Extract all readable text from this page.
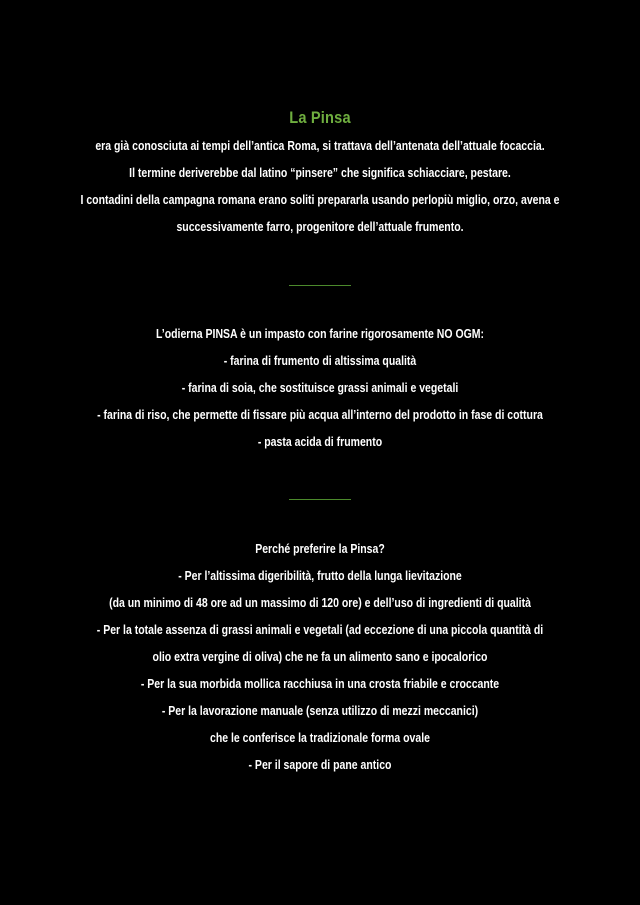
La Pinsa
era già conosciuta ai tempi dell’antica Roma, si trattava dell’antenata dell’attuale focaccia.
Il termine deriverebbe dal latino “pinsere” che significa schiacciare, pestare.
I contadini della campagna romana erano soliti prepararla usando perlopiù miglio, orzo, avena e
successivamente farro, progenitore dell’attuale frumento.
L’odierna PINSA è un impasto con farine rigorosamente NO OGM:
- farina di frumento di altissima qualità
- farina di soia, che sostituisce grassi animali e vegetali
- farina di riso, che permette di fissare più acqua all’interno del prodotto in fase di cottura
- pasta acida di frumento
Perché preferire la Pinsa?
- Per l’altissima digeribilità, frutto della lunga lievitazione
(da un minimo di 48 ore ad un massimo di 120 ore) e dell’uso di ingredienti di qualità
- Per la totale assenza di grassi animali e vegetali (ad eccezione di una piccola quantità di
olio extra vergine di oliva) che ne fa un alimento sano e ipocalorico
- Per la sua morbida mollica racchiusa in una crosta friabile e croccante
- Per la lavorazione manuale (senza utilizzo di mezzi meccanici)
che le conferisce la tradizionale forma ovale
- Per il sapore di pane antico
